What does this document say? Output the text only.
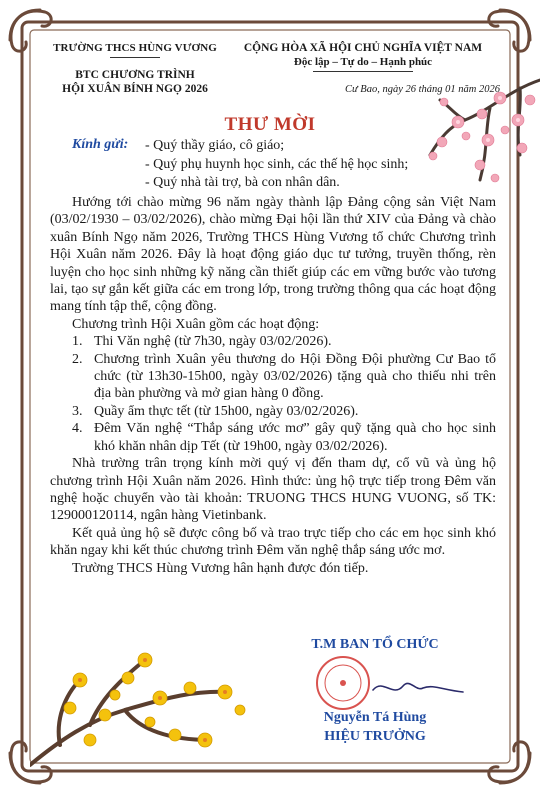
TRƯỜNG THCS HÙNG VƯƠNG
BTC CHƯƠNG TRÌNH
HỘI XUÂN BÍNH NGỌ 2026
CỘNG HÒA XÃ HỘI CHỦ NGHĨA VIỆT NAM
Độc lập – Tự do – Hạnh phúc
Cư Bao, ngày 26 tháng 01 năm 2026
THƯ MỜI
Kính gửi: - Quý thầy giáo, cô giáo;
- Quý phụ huynh học sinh, các thế hệ học sinh;
- Quý nhà tài trợ, bà con nhân dân.

Hướng tới chào mừng 96 năm ngày thành lập Đảng cộng sản Việt Nam (03/02/1930 – 03/02/2026), chào mừng Đại hội lần thứ XIV của Đảng và chào xuân Bính Ngọ năm 2026, Trường THCS Hùng Vương tổ chức Chương trình Hội Xuân năm 2026. Đây là hoạt động giáo dục tư tưởng, truyền thống, rèn luyện cho học sinh những kỹ năng cần thiết giúp các em vững bước vào tương lai, tạo sự gắn kết giữa các em trong lớp, trong trường thông qua các hoạt động mang tính tập thể, cộng đồng.

Chương trình Hội Xuân gồm các hoạt động:

1. Thi Văn nghệ (từ 7h30, ngày 03/02/2026).
2. Chương trình Xuân yêu thương do Hội Đồng Đội phường Cư Bao tổ chức (từ 13h30-15h00, ngày 03/02/2026) tặng quà cho thiếu nhi trên địa bàn phường và mở gian hàng 0 đồng.
3. Quầy ẩm thực tết (từ 15h00, ngày 03/02/2026).
4. Đêm Văn nghệ “Thắp sáng ước mơ” gây quỹ tặng quà cho học sinh khó khăn nhân dịp Tết (từ 19h00, ngày 03/02/2026).

Nhà trường trân trọng kính mời quý vị đến tham dự, cổ vũ và ủng hộ chương trình Hội Xuân năm 2026. Hình thức: ủng hộ trực tiếp trong Đêm văn nghệ hoặc chuyển vào tài khoản: TRUONG THCS HUNG VUONG, số TK: 129000120114, ngân hàng Vietinbank.

Kết quả ủng hộ sẽ được công bố và trao trực tiếp cho các em học sinh khó khăn ngay khi kết thúc chương trình Đêm văn nghệ thắp sáng ước mơ.

Trường THCS Hùng Vương hân hạnh được đón tiếp.

T.M BAN TỔ CHỨC
Nguyễn Tá Hùng
HIỆU TRƯỞNG
